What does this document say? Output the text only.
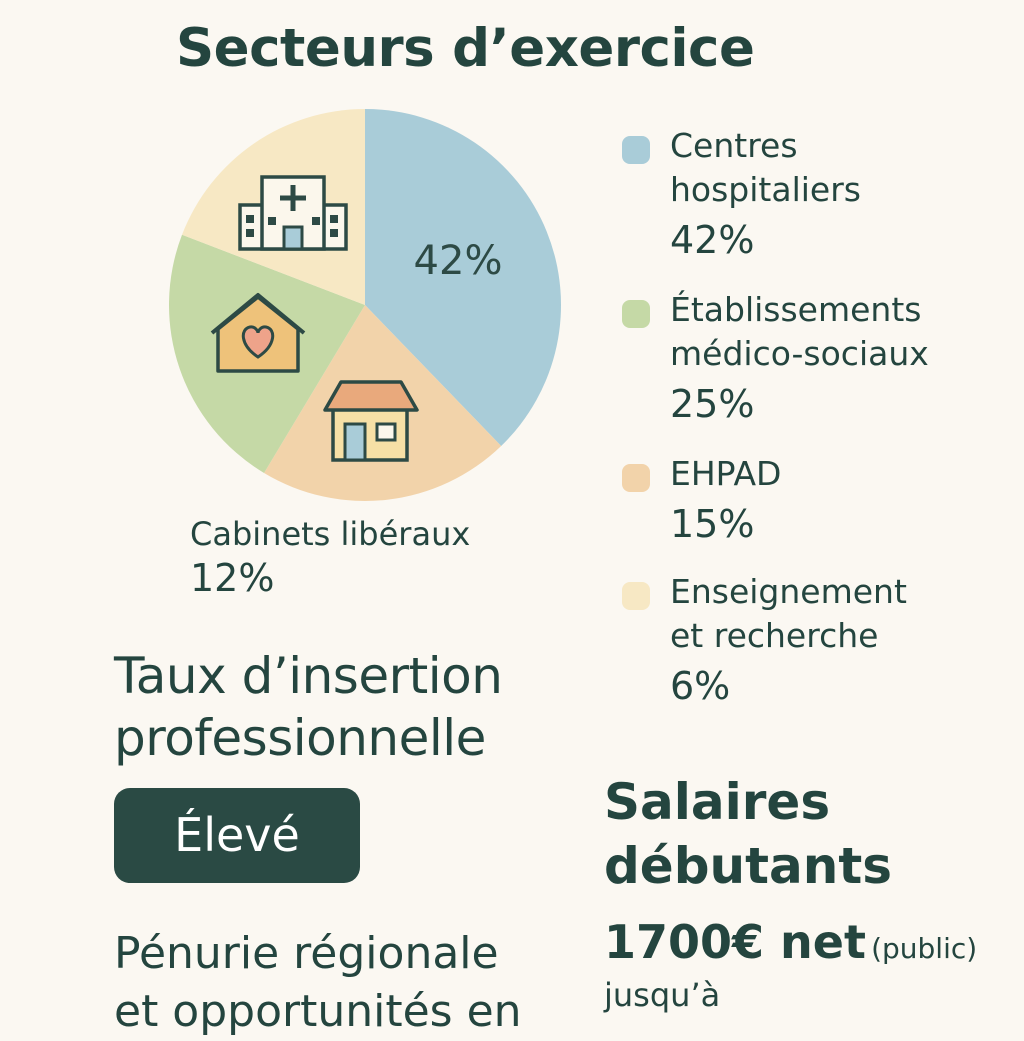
Secteurs d’exercice
42%
Cabinets libéraux
12%
Centres
hospitaliers
42%
Établissements
médico-sociaux
25%
EHPAD
15%
Enseignement
et recherche
6%
Taux d’insertion
professionnelle
Élevé
Pénurie régionale
et opportunités en
Salaires
débutants
1700€ net (public)
jusqu’à
